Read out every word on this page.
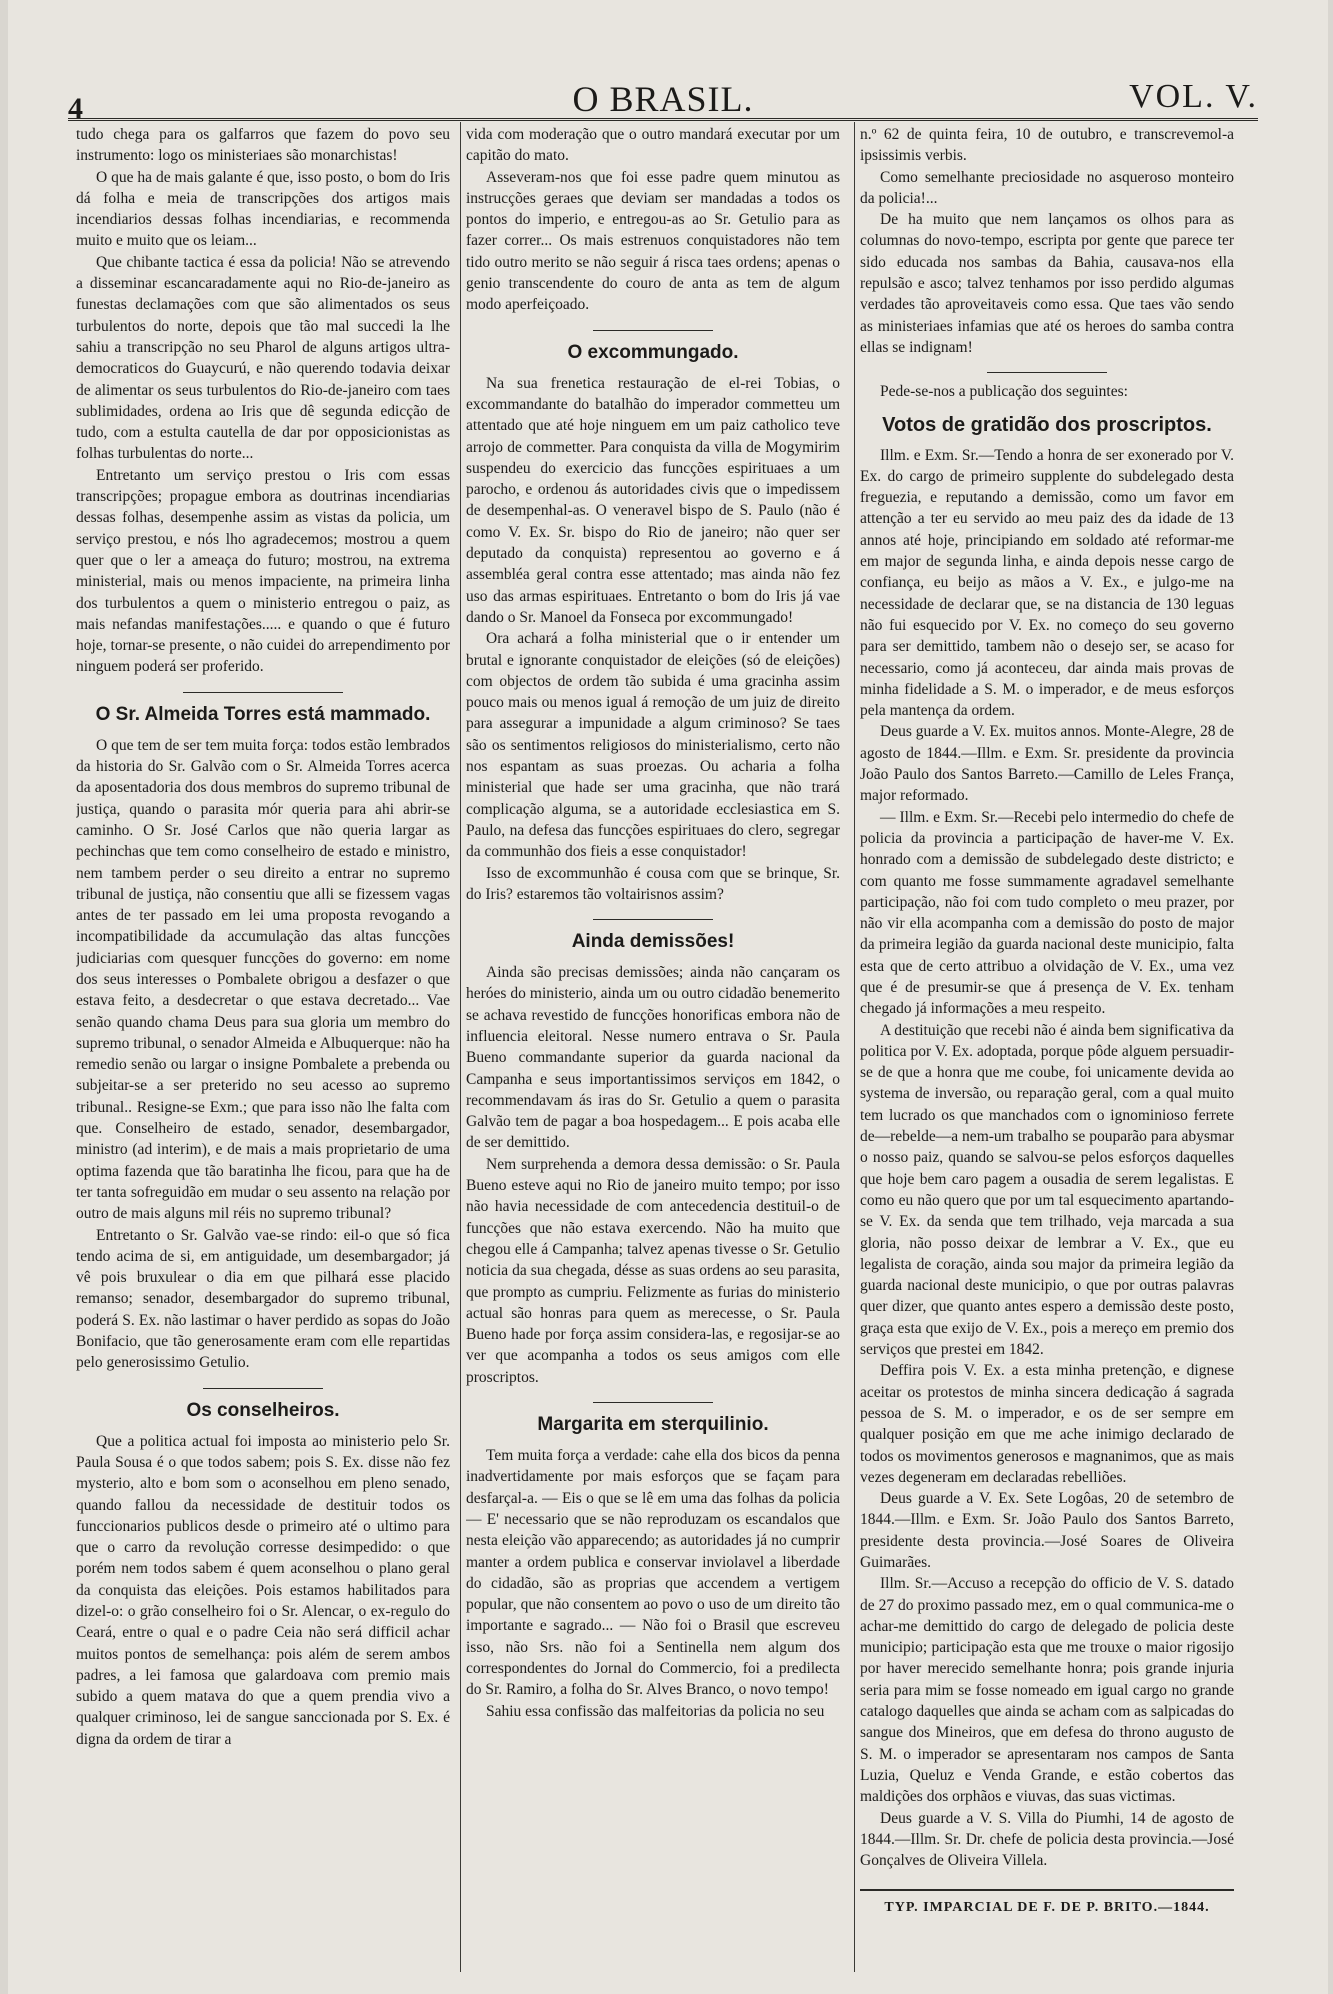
4	O BRASIL.	VOL. V.

tudo chega para os galfarros que fazem do povo seu instrumento: logo os ministeriaes são monarchistas!

O que ha de mais galante é que, isso posto, o bom do Iris dá folha e meia de transcripções dos artigos mais incendiarios dessas folhas incendiarias, e recommenda muito e muito que os leiam...

Que chibante tactica é essa da policia! Não se atrevendo a disseminar escancaradamente aqui no Rio-de-janeiro as funestas declamações com que são alimentados os seus turbulentos do norte, depois que tão mal succedi la lhe sahiu a transcripção no seu Pharol de alguns artigos ultra-democraticos do Guaycurú, e não querendo todavia deixar de alimentar os seus turbulentos do Rio-de-janeiro com taes sublimidades, ordena ao Iris que dê segunda edicção de tudo, com a estulta cautella de dar por opposicionistas as folhas turbulentas do norte...

Entretanto um serviço prestou o Iris com essas transcripções; propague embora as doutrinas incendiarias dessas folhas, desempenhe assim as vistas da policia, um serviço prestou, e nós lho agradecemos; mostrou a quem quer que o ler a ameaça do futuro; mostrou, na extrema ministerial, mais ou menos impaciente, na primeira linha dos turbulentos a quem o ministerio entregou o paiz, as mais nefandas manifestações..... e quando o que é futuro hoje, tornar-se presente, o não cuidei do arrependimento por ninguem poderá ser proferido.

O Sr. Almeida Torres está mammado.

O que tem de ser tem muita força: todos estão lembrados da historia do Sr. Galvão com o Sr. Almeida Torres acerca da aposentadoria dos dous membros do supremo tribunal de justiça, quando o parasita mór queria para ahi abrir-se caminho. O Sr. José Carlos que não queria largar as pechinchas que tem como conselheiro de estado e ministro, nem tambem perder o seu direito a entrar no supremo tribunal de justiça, não consentiu que alli se fizessem vagas antes de ter passado em lei uma proposta revogando a incompatibilidade da accumulação das altas funcções judiciarias com quesquer funcções do governo: em nome dos seus interesses o Pombalete obrigou a desfazer o que estava feito, a desdecretar o que estava decretado... Vae senão quando chama Deus para sua gloria um membro do supremo tribunal, o senador Almeida e Albuquerque: não ha remedio senão ou largar o insigne Pombalete a prebenda ou subjeitar-se a ser preterido no seu acesso ao supremo tribunal.. Resigne-se Exm.; que para isso não lhe falta com que. Conselheiro de estado, senador, desembargador, ministro (ad interim), e de mais a mais proprietario de uma optima fazenda que tão baratinha lhe ficou, para que ha de ter tanta sofreguidão em mudar o seu assento na relação por outro de mais alguns mil réis no supremo tribunal?

Entretanto o Sr. Galvão vae-se rindo: eil-o que só fica tendo acima de si, em antiguidade, um desembargador; já vê pois bruxulear o dia em que pilhará esse placido remanso; senador, desembargador do supremo tribunal, poderá S. Ex. não lastimar o haver perdido as sopas do João Bonifacio, que tão generosamente eram com elle repartidas pelo generosissimo Getulio.

Os conselheiros.

Que a politica actual foi imposta ao ministerio pelo Sr. Paula Sousa é o que todos sabem; pois S. Ex. disse não fez mysterio, alto e bom som o aconselhou em pleno senado, quando fallou da necessidade de destituir todos os funccionarios publicos desde o primeiro até o ultimo para que o carro da revolução corresse desimpedido: o que porém nem todos sabem é quem aconselhou o plano geral da conquista das eleições. Pois estamos habilitados para dizel-o: o grão conselheiro foi o Sr. Alencar, o ex-regulo do Ceará, entre o qual e o padre Ceia não será difficil achar muitos pontos de semelhança: pois além de serem ambos padres, a lei famosa que galardoava com premio mais subido a quem matava do que a quem prendia vivo a qualquer criminoso, lei de sangue sanccionada por S. Ex. é digna da ordem de tirar a

vida com moderação que o outro mandará executar por um capitão do mato.

Asseveram-nos que foi esse padre quem minutou as instrucções geraes que deviam ser mandadas a todos os pontos do imperio, e entregou-as ao Sr. Getulio para as fazer correr... Os mais estrenuos conquistadores não tem tido outro merito se não seguir á risca taes ordens; apenas o genio transcendente do couro de anta as tem de algum modo aperfeiçoado.

O excommungado.

Na sua frenetica restauração de el-rei Tobias, o excommandante do batalhão do imperador commetteu um attentado que até hoje ninguem em um paiz catholico teve arrojo de commetter. Para conquista da villa de Mogymirim suspendeu do exercicio das funcções espirituaes a um parocho, e ordenou ás autoridades civis que o impedissem de desempenhal-as. O veneravel bispo de S. Paulo (não é como V. Ex. Sr. bispo do Rio de janeiro; não quer ser deputado da conquista) representou ao governo e á assembléa geral contra esse attentado; mas ainda não fez uso das armas espirituaes. Entretanto o bom do Iris já vae dando o Sr. Manoel da Fonseca por excommungado!

Ora achará a folha ministerial que o ir entender um brutal e ignorante conquistador de eleições (só de eleições) com objectos de ordem tão subida é uma gracinha assim pouco mais ou menos igual á remoção de um juiz de direito para assegurar a impunidade a algum criminoso? Se taes são os sentimentos religiosos do ministerialismo, certo não nos espantam as suas proezas. Ou acharia a folha ministerial que hade ser uma gracinha, que não trará complicação alguma, se a autoridade ecclesiastica em S. Paulo, na defesa das funcções espirituaes do clero, segregar da communhão dos fieis a esse conquistador!

Isso de excommunhão é cousa com que se brinque, Sr. do Iris? estaremos tão voltairisnos assim?

Ainda demissões!

Ainda são precisas demissões; ainda não cançaram os heróes do ministerio, ainda um ou outro cidadão benemerito se achava revestido de funcções honorificas embora não de influencia eleitoral. Nesse numero entrava o Sr. Paula Bueno commandante superior da guarda nacional da Campanha e seus importantissimos serviços em 1842, o recommendavam ás iras do Sr. Getulio a quem o parasita Galvão tem de pagar a boa hospedagem... E pois acaba elle de ser demittido.

Nem surprehenda a demora dessa demissão: o Sr. Paula Bueno esteve aqui no Rio de janeiro muito tempo; por isso não havia necessidade de com antecedencia destituil-o de funcções que não estava exercendo. Não ha muito que chegou elle á Campanha; talvez apenas tivesse o Sr. Getulio noticia da sua chegada, désse as suas ordens ao seu parasita, que prompto as cumpriu. Felizmente as furias do ministerio actual são honras para quem as merecesse, o Sr. Paula Bueno hade por força assim considera-las, e regosijar-se ao ver que acompanha a todos os seus amigos com elle proscriptos.

Margarita em sterquilinio.

Tem muita força a verdade: cahe ella dos bicos da penna inadvertidamente por mais esforços que se façam para desfarçal-a. — Eis o que se lê em uma das folhas da policia — E' necessario que se não reproduzam os escandalos que nesta eleição vão apparecendo; as autoridades já no cumprir manter a ordem publica e conservar inviolavel a liberdade do cidadão, são as proprias que accendem a vertigem popular, que não consentem ao povo o uso de um direito tão importante e sagrado... — Não foi o Brasil que escreveu isso, não Srs. não foi a Sentinella nem algum dos correspondentes do Jornal do Commercio, foi a predilecta do Sr. Ramiro, a folha do Sr. Alves Branco, o novo tempo!

Sahiu essa confissão das malfeitorias da policia no seu

n.º 62 de quinta feira, 10 de outubro, e transcrevemol-a ipsissimis verbis.

Como semelhante preciosidade no asqueroso monteiro da policia!...

De ha muito que nem lançamos os olhos para as columnas do novo-tempo, escripta por gente que parece ter sido educada nos sambas da Bahia, causava-nos ella repulsão e asco; talvez tenhamos por isso perdido algumas verdades tão aproveitaveis como essa. Que taes vão sendo as ministeriaes infamias que até os heroes do samba contra ellas se indignam!

Pede-se-nos a publicação dos seguintes:

Votos de gratidão dos proscriptos.

Illm. e Exm. Sr.—Tendo a honra de ser exonerado por V. Ex. do cargo de primeiro supplente do subdelegado desta freguezia, e reputando a demissão, como um favor em attenção a ter eu servido ao meu paiz des da idade de 13 annos até hoje, principiando em soldado até reformar-me em major de segunda linha, e ainda depois nesse cargo de confiança, eu beijo as mãos a V. Ex., e julgo-me na necessidade de declarar que, se na distancia de 130 leguas não fui esquecido por V. Ex. no começo do seu governo para ser demittido, tambem não o desejo ser, se acaso for necessario, como já aconteceu, dar ainda mais provas de minha fidelidade a S. M. o imperador, e de meus esforços pela mantença da ordem.

Deus guarde a V. Ex. muitos annos. Monte-Alegre, 28 de agosto de 1844.—Illm. e Exm. Sr. presidente da provincia João Paulo dos Santos Barreto.—Camillo de Leles França, major reformado.

— Illm. e Exm. Sr.—Recebi pelo intermedio do chefe de policia da provincia a participação de haver-me V. Ex. honrado com a demissão de subdelegado deste districto; e com quanto me fosse summamente agradavel semelhante participação, não foi com tudo completo o meu prazer, por não vir ella acompanha com a demissão do posto de major da primeira legião da guarda nacional deste municipio, falta esta que de certo attribuo a olvidação de V. Ex., uma vez que é de presumir-se que á presença de V. Ex. tenham chegado já informações a meu respeito.

A destituição que recebi não é ainda bem significativa da politica por V. Ex. adoptada, porque pôde alguem persuadir-se de que a honra que me coube, foi unicamente devida ao systema de inversão, ou reparação geral, com a qual muito tem lucrado os que manchados com o ignominioso ferrete de—rebelde—a nem-um trabalho se pouparão para abysmar o nosso paiz, quando se salvou-se pelos esforços daquelles que hoje bem caro pagem a ousadia de serem legalistas. E como eu não quero que por um tal esquecimento apartando-se V. Ex. da senda que tem trilhado, veja marcada a sua gloria, não posso deixar de lembrar a V. Ex., que eu legalista de coração, ainda sou major da primeira legião da guarda nacional deste municipio, o que por outras palavras quer dizer, que quanto antes espero a demissão deste posto, graça esta que exijo de V. Ex., pois a mereço em premio dos serviços que prestei em 1842.

Deffira pois V. Ex. a esta minha pretenção, e dignese aceitar os protestos de minha sincera dedicação á sagrada pessoa de S. M. o imperador, e os de ser sempre em qualquer posição em que me ache inimigo declarado de todos os movimentos generosos e magnanimos, que as mais vezes degeneram em declaradas rebelliões.

Deus guarde a V. Ex. Sete Logôas, 20 de setembro de 1844.—Illm. e Exm. Sr. João Paulo dos Santos Barreto, presidente desta provincia.—José Soares de Oliveira Guimarães.

Illm. Sr.—Accuso a recepção do officio de V. S. datado de 27 do proximo passado mez, em o qual communica-me o achar-me demittido do cargo de delegado de policia deste municipio; participação esta que me trouxe o maior rigosijo por haver merecido semelhante honra; pois grande injuria seria para mim se fosse nomeado em igual cargo no grande catalogo daquelles que ainda se acham com as salpicadas do sangue dos Mineiros, que em defesa do throno augusto de S. M. o imperador se apresentaram nos campos de Santa Luzia, Queluz e Venda Grande, e estão cobertos das maldições dos orphãos e viuvas, das suas victimas.

Deus guarde a V. S. Villa do Piumhi, 14 de agosto de 1844.—Illm. Sr. Dr. chefe de policia desta provincia.—José Gonçalves de Oliveira Villela.

TYP. IMPARCIAL DE F. DE P. BRITO.—1844.
